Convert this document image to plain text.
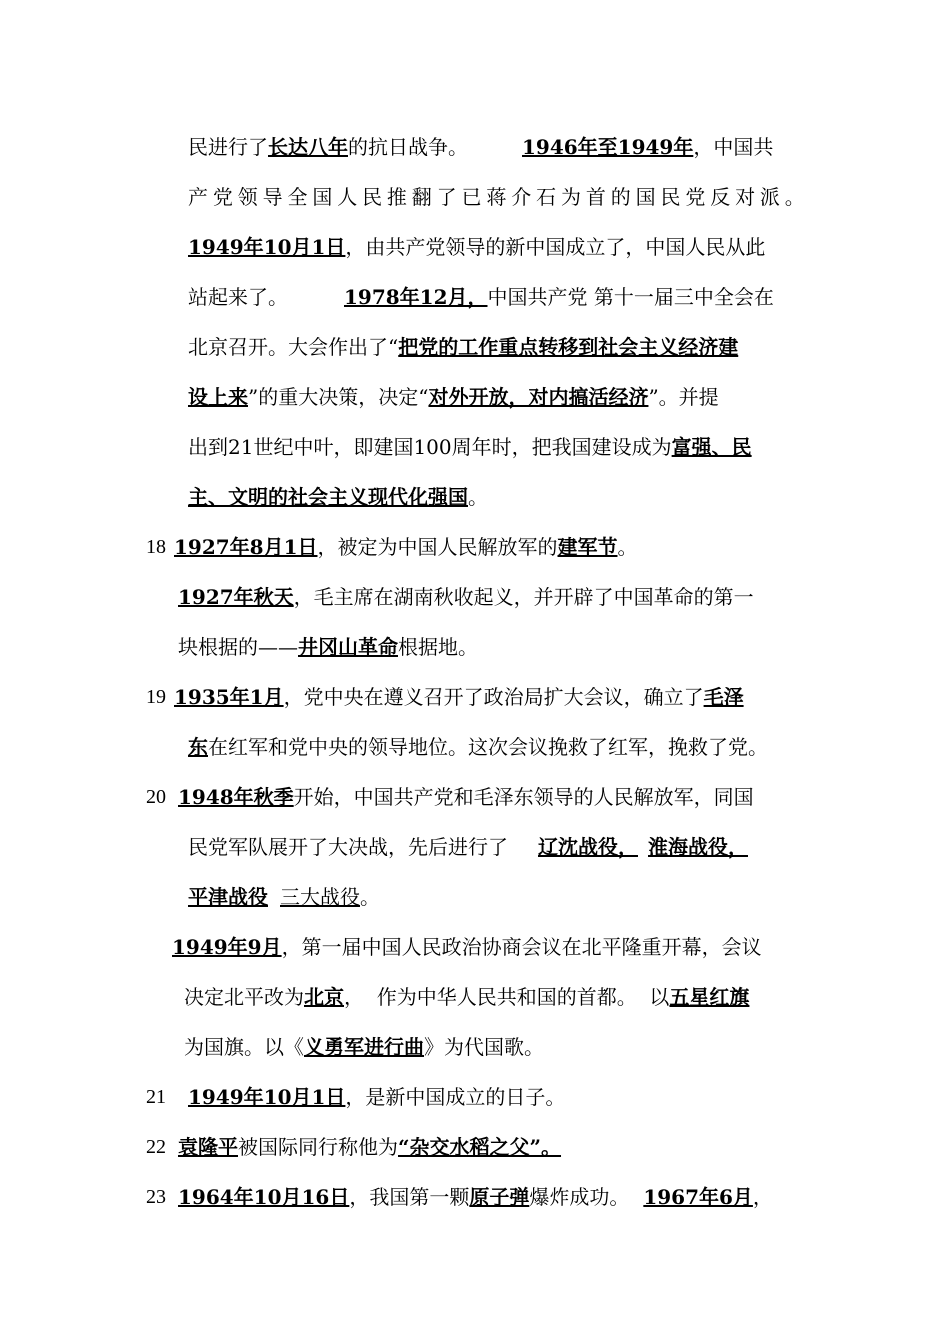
民进行了长达八年的抗日战争。	1946年至1949年，中国共
产党领导全国人民推翻了已蒋介石为首的国民党反对派。
1949年10月1日，由共产党领导的新中国成立了，中国人民从此
站起来了。	1978年12月，中国共产党 第十一届三中全会在
北京召开。大会作出了“把党的工作重点转移到社会主义经济建
设上来”的重大决策，决定“对外开放，对内搞活经济”。并提
出到21世纪中叶，即建国100周年时，把我国建设成为富强、民
主、文明的社会主义现代化强国。
18 1927年8月1日，被定为中国人民解放军的建军节。
1927年秋天，毛主席在湖南秋收起义，并开辟了中国革命的第一
块根据的——井冈山革命根据地。
19 1935年1月，党中央在遵义召开了政治局扩大会议，确立了毛泽
东在红军和党中央的领导地位。这次会议挽救了红军，挽救了党。
20 1948年秋季开始，中国共产党和毛泽东领导的人民解放军，同国
民党军队展开了大决战，先后进行了 辽沈战役， 淮海战役，
平津战役 三大战役。
1949年9月，第一届中国人民政治协商会议在北平隆重开幕，会议
决定北平改为北京，  作为中华人民共和国的首都。  以五星红旗
为国旗。以《义勇军进行曲》为代国歌。
21 1949年10月1日，是新中国成立的日子。
22 袁隆平被国际同行称他为“杂交水稻之父”。
23 1964年10月16日，我国第一颗原子弹爆炸成功。 1967年6月，
